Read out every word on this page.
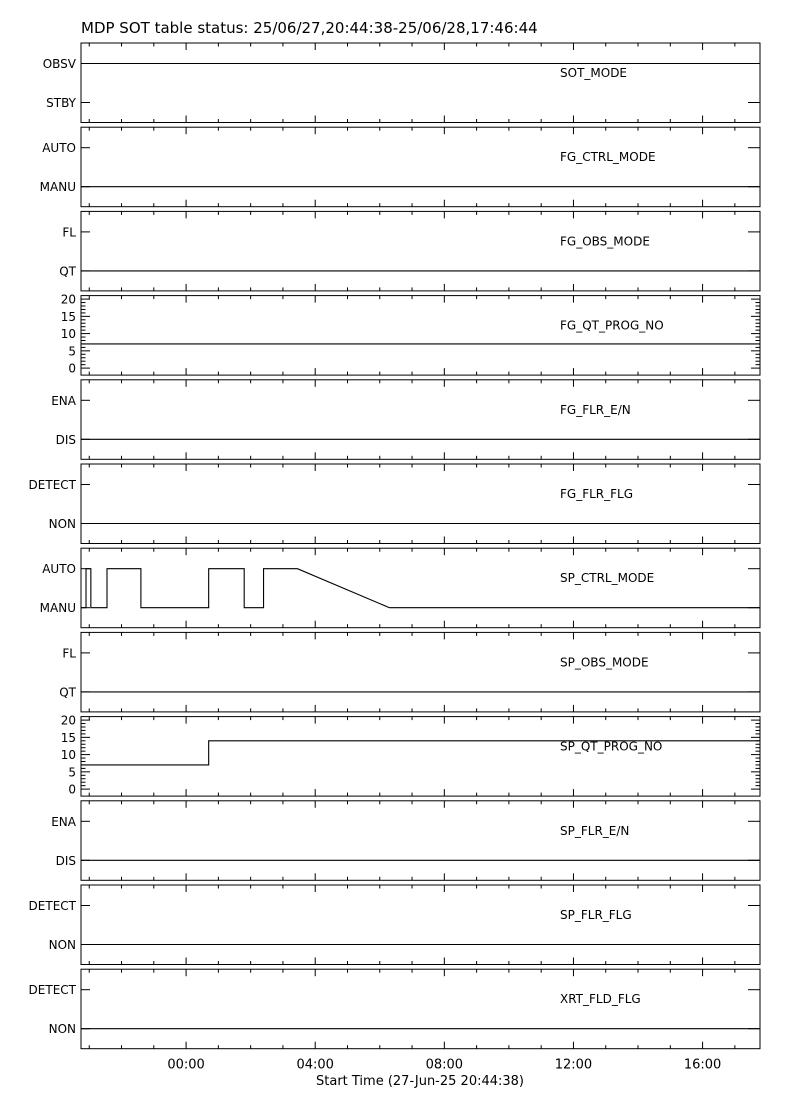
MDP SOT table status: 25/06/27,20:44:38-25/06/28,17:46:44
OBSV
STBY
SOT_MODE
AUTO
MANU
FG_CTRL_MODE
FL
QT
FG_OBS_MODE
0
5
10
15
20
FG_QT_PROG_NO
ENA
DIS
FG_FLR_E/N
DETECT
NON
FG_FLR_FLG
AUTO
MANU
SP_CTRL_MODE
FL
QT
SP_OBS_MODE
0
5
10
15
20
SP_QT_PROG_NO
ENA
DIS
SP_FLR_E/N
DETECT
NON
SP_FLR_FLG
DETECT
NON
XRT_FLD_FLG
00:00	04:00	08:00	12:00	16:00
Start Time (27-Jun-25 20:44:38)
